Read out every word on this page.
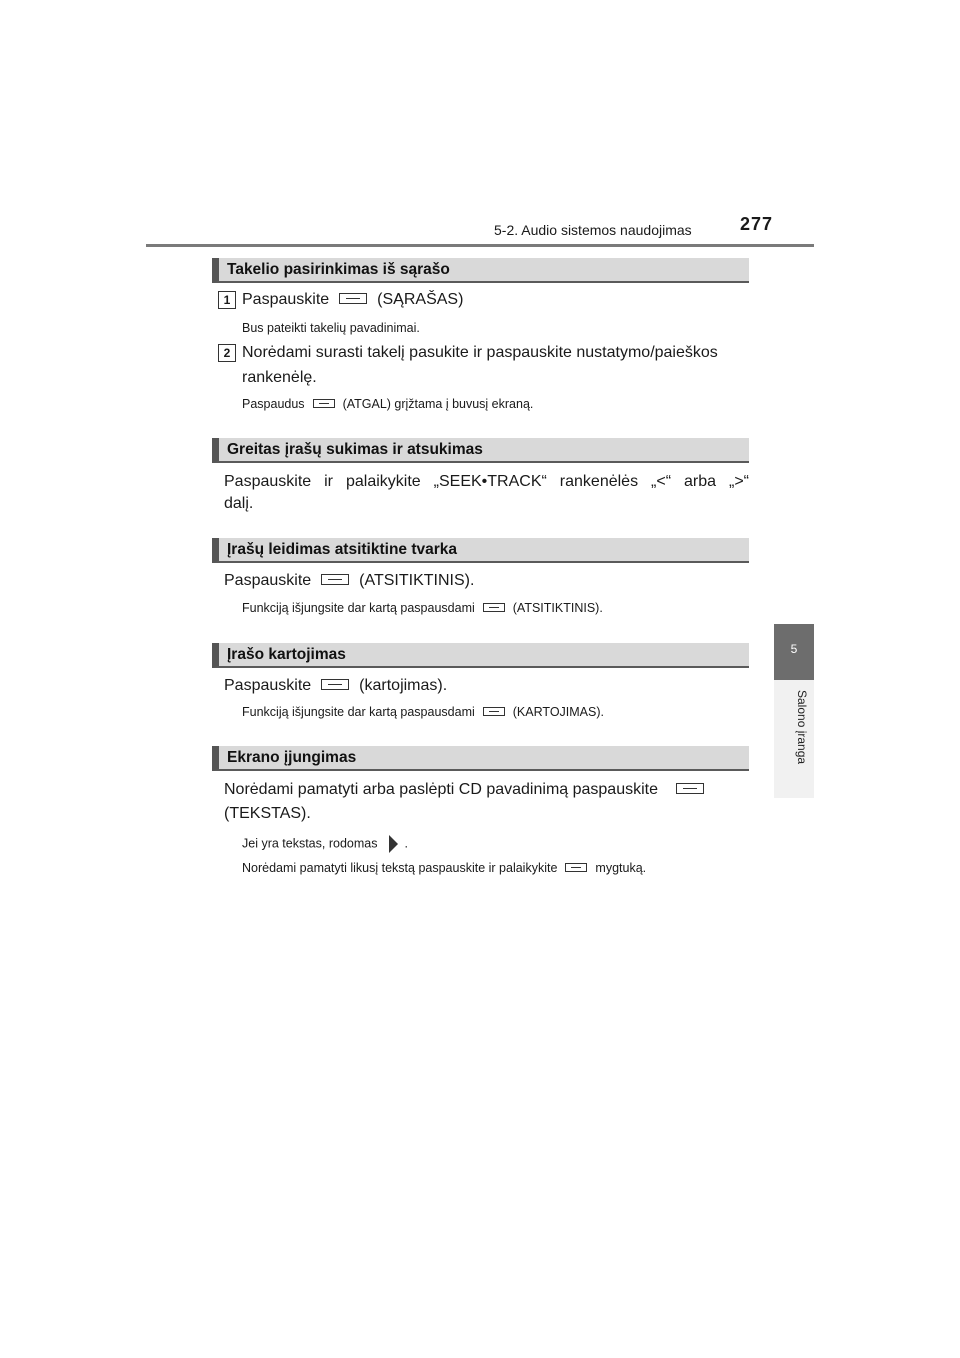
5-2. Audio sistemos naudojimas	277
5
Salono įranga
Takelio pasirinkimas iš sąrašo
1 Paspauskite	(SĄRAŠAS)
Bus pateikti takelių pavadinimai.
2 Norėdami surasti takelį pasukite ir paspauskite nustatymo/paieškos
rankenėlę.
Paspaudus	(ATGAL) grįžtama į buvusį ekraną.
Greitas įrašų sukimas ir atsukimas
Paspauskite ir palaikykite „SEEK•TRACK“ rankenėlės „<“ arba „>“
dalį.
Įrašų leidimas atsitiktine tvarka
Paspauskite	(ATSITIKTINIS).
Funkciją išjungsite dar kartą paspausdami	(ATSITIKTINIS).
Įrašo kartojimas
Paspauskite	(kartojimas).
Funkciją išjungsite dar kartą paspausdami	(KARTOJIMAS).
Ekrano įjungimas
Norėdami pamatyti arba paslėpti CD pavadinimą paspauskite
(TEKSTAS).
Jei yra tekstas, rodomas .
Norėdami pamatyti likusį tekstą paspauskite ir palaikykite	mygtuką.
